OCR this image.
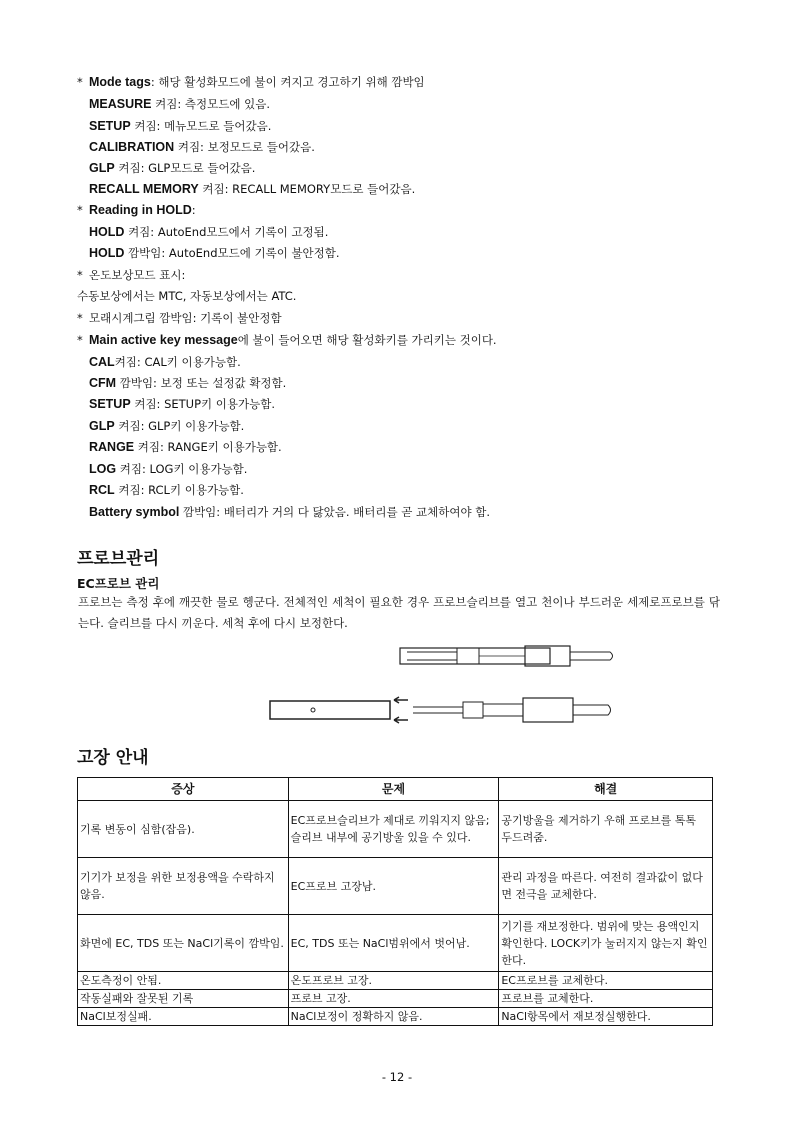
* Mode tags: 해당 활성화모드에 불이 켜지고 경고하기 위해 깜박임
MEASURE 켜짐: 측정모드에 있음.
SETUP 켜짐: 메뉴모드로 들어갔음.
CALIBRATION 켜짐: 보정모드로 들어갔음.
GLP 켜짐: GLP모드로 들어갔음.
RECALL MEMORY 켜짐: RECALL MEMORY모드로 들어갔음.
* Reading in HOLD:
HOLD 켜짐: AutoEnd모드에서 기록이 고정됨.
HOLD 깜박임: AutoEnd모드에 기록이 불안정함.
* 온도보상모드 표시:
수동보상에서는 MTC, 자동보상에서는 ATC.
* 모래시계그림 깜박임: 기록이 불안정함
* Main active key message에 불이 들어오면 해당 활성화키를 가리키는 것이다.
CAL켜짐: CAL키 이용가능함.
CFM 깜박임: 보정 또는 설정값 확정함.
SETUP 켜짐: SETUP키 이용가능함.
GLP 켜짐: GLP키 이용가능함.
RANGE 켜짐: RANGE키 이용가능함.
LOG 켜짐: LOG키 이용가능함.
RCL 켜짐: RCL키 이용가능함.
Battery symbol 깜박임: 배터리가 거의 다 닳았음. 배터리를 곧 교체하여야 함.
프로브관리
EC프로브 관리
프로브는 측정 후에 깨끗한 물로 헹군다. 전체적인 세척이 필요한 경우 프로브슬리브를 열고 천이나 부드러운 세제로프로브를 닦는다. 슬리브를 다시 끼운다. 세척 후에 다시 보정한다.
고장 안내
증상	문제	해결
기록 변동이 심함(잡음).	EC프로브슬리브가 제대로 끼워지지 않음; 슬리브 내부에 공기방울 있을 수 있다.	공기방울을 제거하기 우해 프로브를 톡톡 두드려줌.
기기가 보정을 위한 보정용액을 수락하지 않음.	EC프로브 고장남.	관리 과정을 따른다. 여전히 결과값이 없다면 전극을 교체한다.
화면에 EC, TDS 또는 NaCl기록이 깜박임.	EC, TDS 또는 NaCl범위에서 벗어남.	기기를 재보정한다. 범위에 맞는 용액인지 확인한다. LOCK키가 눌러지지 않는지 확인한다.
온도측정이 안됨.	온도프로브 고장.	EC프로브를 교체한다.
작동실패와 잘못된 기록	프로브 고장.	프로브를 교체한다.
NaCl보정실패.	NaCl보정이 정확하지 않음.	NaCl항목에서 재보정실행한다.
- 12 -
